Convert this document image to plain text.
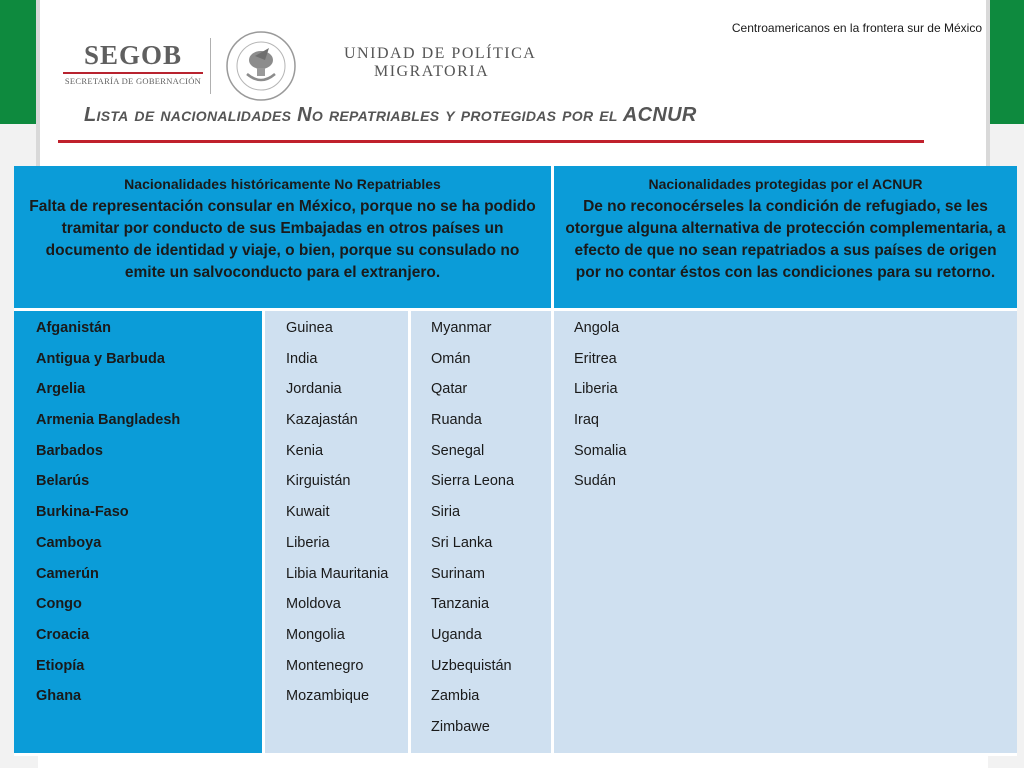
Centroamericanos en la frontera sur de México
SEGOB
SECRETARÍA DE GOBERNACIÓN
UNIDAD DE POLÍTICA
MIGRATORIA
Lista de nacionalidades No repatriables y protegidas por el ACNUR
Nacionalidades históricamente No Repatriables
Falta de representación consular en México, porque no se ha podido tramitar por conducto de sus Embajadas en otros países un documento de identidad y viaje, o bien, porque su consulado no emite un salvoconducto para el extranjero.
Nacionalidades protegidas por el ACNUR
De no reconocérseles la condición de refugiado, se les otorgue alguna alternativa de protección complementaria, a efecto de que no sean repatriados a sus países de origen por no contar éstos con las condiciones para su retorno.
Afganistán
Antigua y Barbuda
Argelia
Armenia Bangladesh
Barbados
Belarús
Burkina-Faso
Camboya
Camerún
Congo
Croacia
Etiopía
Ghana
Guinea
India
Jordania
Kazajastán
Kenia
Kirguistán
Kuwait
Liberia
Libia Mauritania
Moldova
Mongolia
Montenegro
Mozambique
Myanmar
Omán
Qatar
Ruanda
Senegal
Sierra Leona
Siria
Sri Lanka
Surinam
Tanzania
Uganda
Uzbequistán
Zambia
Zimbawe
Angola
Eritrea
Liberia
Iraq
Somalia
Sudán
